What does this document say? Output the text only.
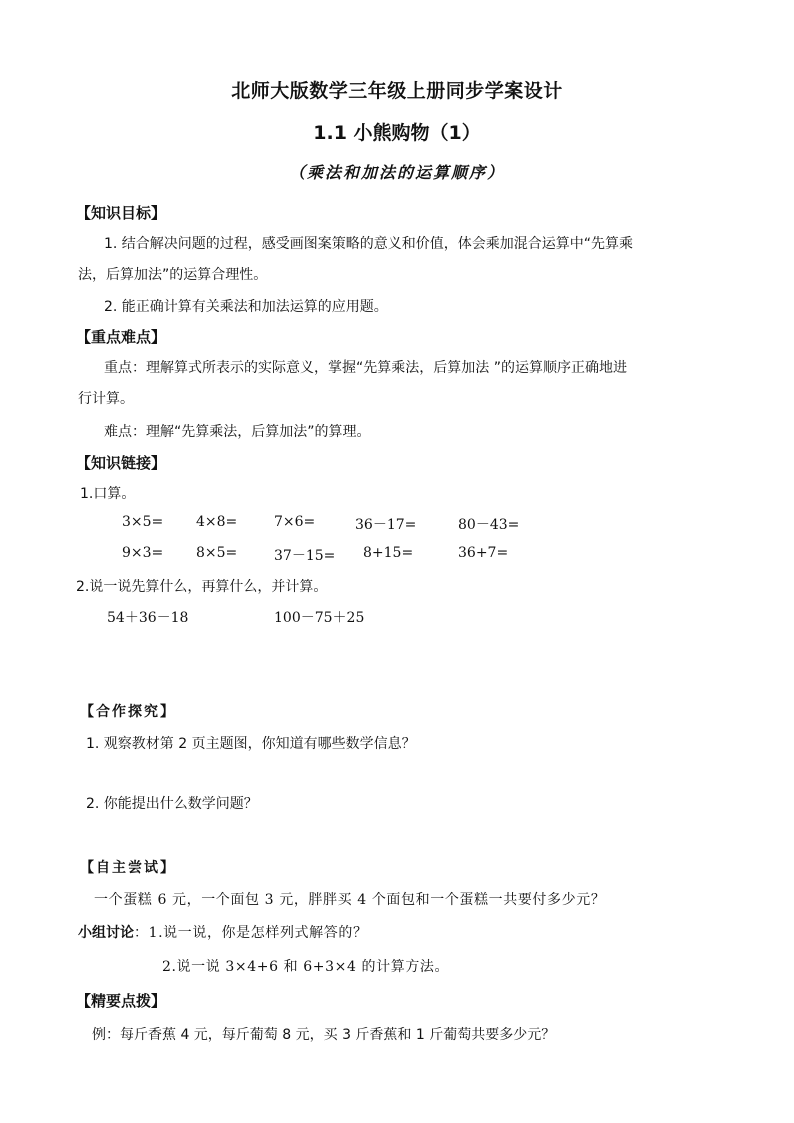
北师大版数学三年级上册同步学案设计
1.1 小熊购物（1）
（乘法和加法的运算顺序）
【知识目标】
1. 结合解决问题的过程，感受画图案策略的意义和价值，体会乘加混合运算中“先算乘
法，后算加法”的运算合理性。
2. 能正确计算有关乘法和加法运算的应用题。
【重点难点】
重点：理解算式所表示的实际意义，掌握“先算乘法，后算加法 ”的运算顺序正确地进
行计算。
难点：理解“先算乘法，后算加法”的算理。
【知识链接】
1.口算。
3×5= 4×8=	7×6=	36－17=	80－43=
9×3= 8×5=	37－15= 8+15=	36+7=
2.说一说先算什么，再算什么，并计算。
54＋36－18	100－75＋25
【合作探究】
1. 观察教材第 2 页主题图，你知道有哪些数学信息？
2. 你能提出什么数学问题？
【自主尝试】
一个蛋糕 6 元，一个面包 3 元，胖胖买 4 个面包和一个蛋糕一共要付多少元？
小组讨论：1.说一说，你是怎样列式解答的？
2.说一说 3×4+6 和 6+3×4 的计算方法。
【精要点拨】
例：每斤香蕉 4 元，每斤葡萄 8 元，买 3 斤香蕉和 1 斤葡萄共要多少元？
